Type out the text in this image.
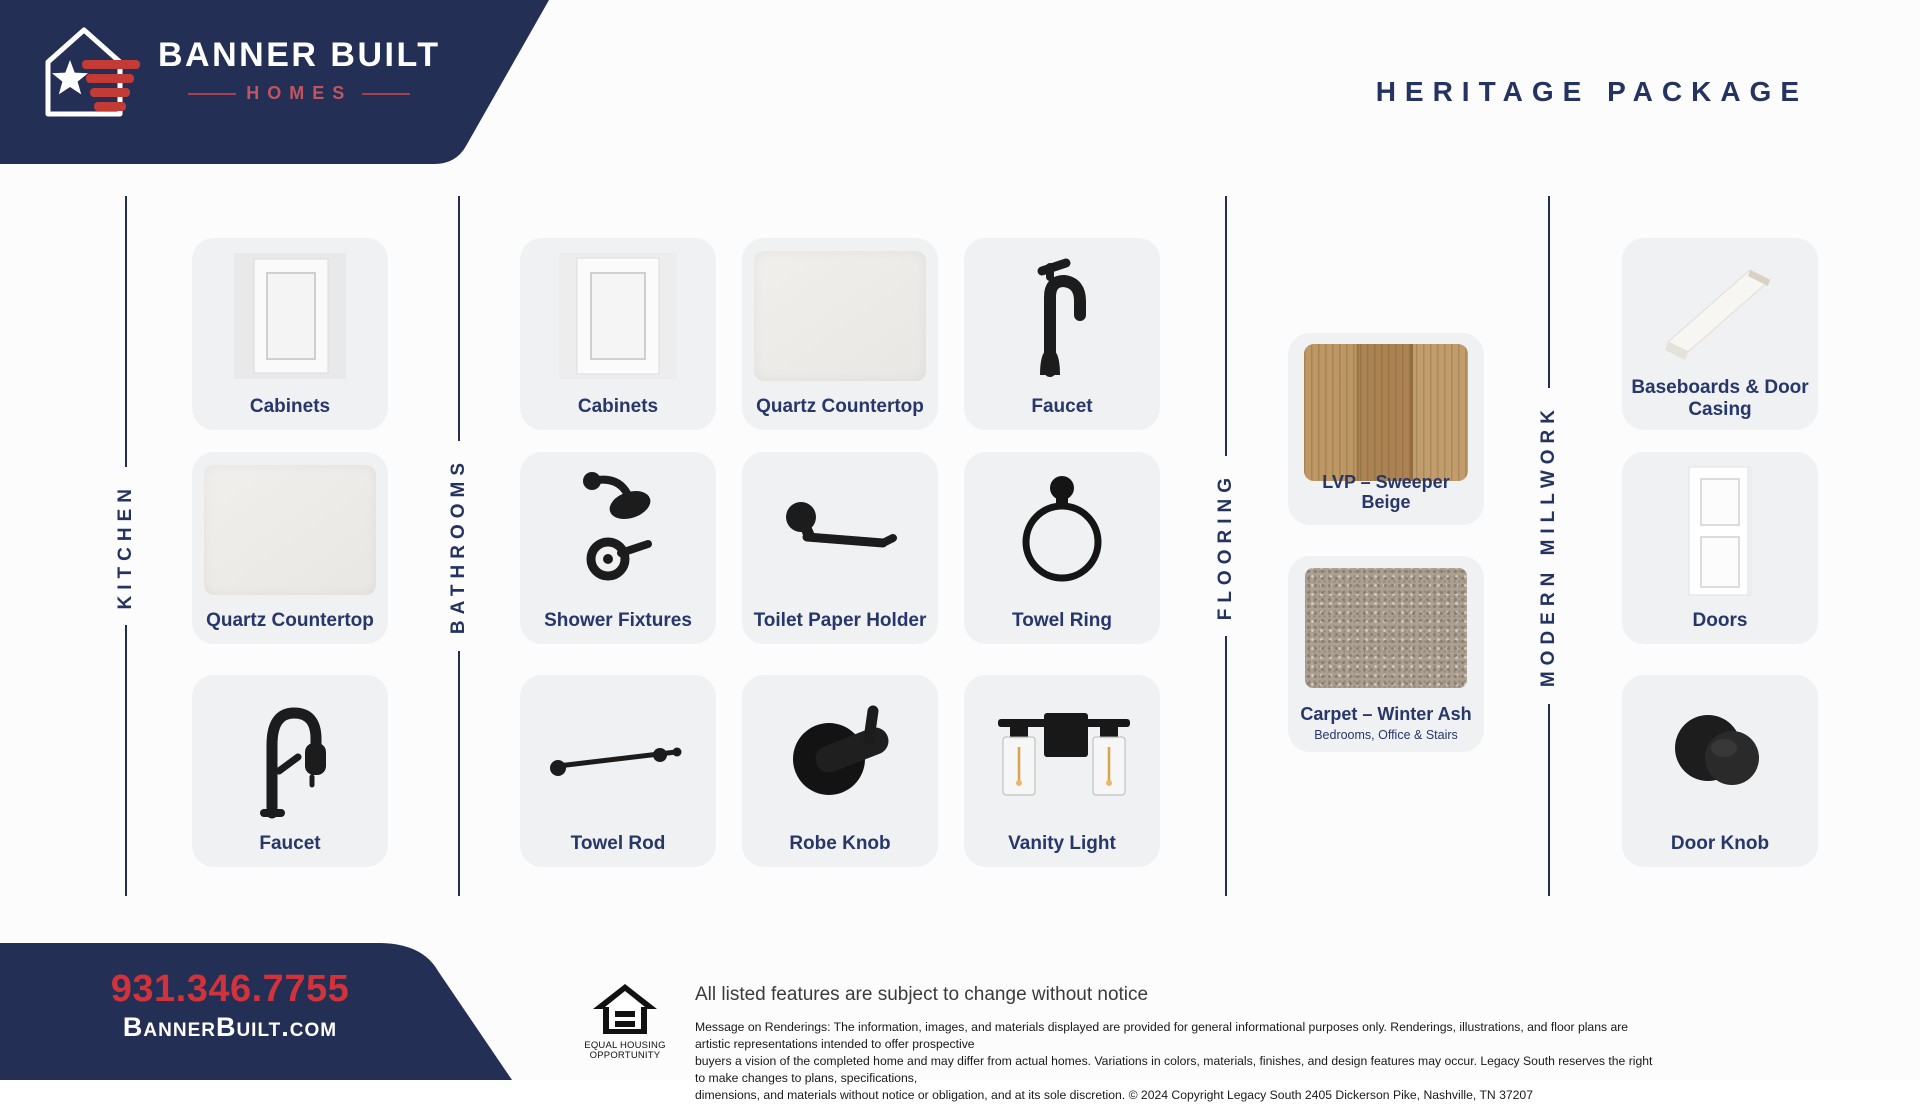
BANNER BUILT
HOMES	HERITAGE PACKAGE
KITCHEN	BATHROOMS	FLOORING	MODERN MILLWORK
Cabinets
Quartz Countertop
Faucet
Cabinets	Quartz Countertop	Faucet
Shower Fixtures	Toilet Paper Holder	Towel Ring
Towel Rod	Robe Knob	Vanity Light
LVP – Sweeper Beige
Carpet – Winter Ash
Bedrooms, Office & Stairs
Baseboards & Door Casing
Doors
Door Knob
931.346.7755
BannerBuilt.com
EQUAL HOUSING
OPPORTUNITY
All listed features are subject to change without notice
Message on Renderings: The information, images, and materials displayed are provided for general informational purposes only. Renderings, illustrations, and floor plans are artistic representations intended to offer prospective
buyers a vision of the completed home and may differ from actual homes. Variations in colors, materials, finishes, and design features may occur. Legacy South reserves the right to make changes to plans, specifications,
dimensions, and materials without notice or obligation, and at its sole discretion. © 2024 Copyright Legacy South 2405 Dickerson Pike, Nashville, TN 37207
